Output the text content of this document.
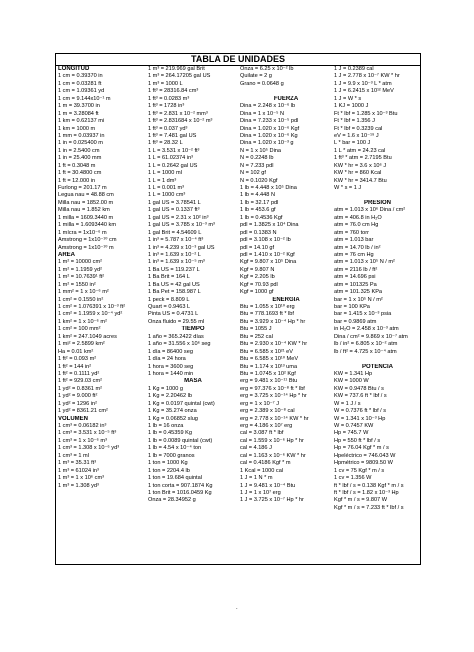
TABLA DE UNIDADES
LONGITUD
1 cm = 0.39370 in
1 cm = 0.03281 ft
1 cm = 1.09361 yd
1 cm = 9.144x10⁻¹ m
1 m = 39.3700 in
1 m = 3.28084 ft
1 km = 0.62137 mi
1 km = 1000 m
1 mm = 0.03937 in
1 in = 0.025400 m
1 in = 2.5400 cm
1 in = 25.400 mm
1 ft = 0.3048 m
1 ft = 30.4800 cm
1 ft = 12.000 in
Furlong = 201.17 m
Legua nau = 48.88 cm
Milla nau = 1852.00 m
Milla nau = 1.852 km
1 milla = 1609.3440 m
1 milla = 1.6093440 km
1 mícra = 1x10⁻⁶ m
Amstrong = 1x10⁻¹⁰ cm
Amstrong = 1x10⁻¹⁰ m
ÁREA
1 m² = 10000 cm²
1 m² = 1.1959 yd²
1 m² = 10.7639¹ ft²
1 m² = 1550 in²
1 mm² = 1 x 10⁻⁶ m²
1 cm² = 0.1550 in²
1 cm² = 1.076391 x 10⁻³ ft²
1 cm² = 1.1959 x 10⁻⁴ yd²
1 km² = 1 x 10⁻⁶ m²
1 cm² = 100 mm²
1 km² = 247.1049 acres
1 mi² = 2.5899 km²
Ha = 0.01 km²
1 ft² = 0.093 m²
1 ft² = 144 in²
1 ft² = 0.1111 yd²
1 ft² = 929.03 cm²
1 yd² = 0.8361 m²
1 yd² = 9.000 ft²
1 yd² = 1296 in²
1 yd² = 8361.21 cm²
VOLUMEN
1 cm³ = 0.06182 in³
1 cm³ = 3.531 x 10⁻⁵ ft³
1 cm³ = 1 x 10⁻⁶ m³
1 cm³ = 1.308 x 10⁻⁶ yd³
1 cm³ = 1 ml
1 m³ = 35.31 ft³
1 m³ = 61024 in³
1 m³ = 1 x 10⁶ cm³
1 m³ = 1.308 yd³
1 m³ = 219.969 gal Brit
1 m³ = 264.17205 gal US
1 m³ = 1000 L
1 ft³ = 28316.84 cm³
1 ft³ = 0.0283 m³
1 ft³ = 1728 in³
1 ft³ = 2.831 x 10⁻² mm³
1 ft³ = 2.831684 x 10⁻² m³
1 ft³ = 0.037 yd³
1 ft³ = 7.481 gal US
1 ft³ = 28.32 L
1 L = 3.531 x 10⁻² ft³
1 L = 61.02374 in³
1 L = 0.2642 gal US
1 L = 1000 ml
1 L = 1 dm³
1 L = 0.001 m³
1 L = 1000 cm³
1 gal US = 3.78541 L
1 gal US = 0.1337 ft³
1 gal US = 2.31 x 10² in³
1 gal US = 3.785 x 10⁻³ m³
1 gal Brit = 4.54609 L
1 in³ = 5.787 x 10⁻⁴ ft³
1 in³ = 4.239 x 10⁻³ gal US
1 in³ = 1.639 x 10⁻² L
1 in³ = 1.639 x 10⁻⁵ m³
1 Ba US = 119.237 L
1 Ba Brit = 164 L
1 Ba US = 42 gal US
1 Ba Pet = 158.987 L
1 peck = 8.809 L
Quart = 0.9463 L
Pinta US = 0.4731 L
Onza fluido = 29.55 ml
TIEMPO
1 año = 365.2422 días
1 año = 31.556 x 10⁶ seg
1 día = 86400 seg
1 día = 24 hora
1 hora = 3600 seg
1 hora = 1440 min
MASA
1 Kg = 1000 g
1 Kg = 2.20462 lb
1 Kg = 0.0197 quintal (cwt)
1 Kg = 35.274 onza
1 Kg = 0.06852 slug
1 lb = 16 onza
1 lb = 0.45359 Kg
1 lb = 0.0089 quintal (cwt)
1 lb = 4.54 x 10⁻⁴ ton
1 lb = 7000 granos
1 ton = 1000 Kg
1 ton = 2204.4 lb
1 ton = 19.684 quintal
1 ton corta = 907.1874 Kg
1 ton Brit = 1016.0459 Kg
Onza = 28.34952 g
Onza = 6.25 x 10⁻² lb
Quilate = 2 g
Grano = 0.0648 g
FUERZA
Dina = 2.248 x 10⁻⁶ lb
Dina = 1 x 10⁻⁵ N
Dina = 7.233 x 10⁻⁵ pdl
Dina = 1.020 x 10⁻⁶ Kgf
Dina = 1.020 x 10⁻⁶ Kg
Dina = 1.020 x 10⁻³ g
N = 1 x 10⁵ Dina
N = 0.2248 lb
N = 7.233 pdl
N = 102 gf
N = 0.1020 Kgf
1 lb = 4.448 x 10⁵ Dina
1 lb = 4.448 N
1 lb = 32.17 pdl
1 lb = 453.6 gf
1 lb = 0.4536 Kgf
pdl = 1.3825 x 10⁴ Dina
pdl = 0.1383 N
pdl = 3.108 x 10⁻² lb
pdl = 14.10 gf
pdl = 1.410 x 10⁻² Kgf
Kgf = 9.807 x 10⁵ Dina
Kgf = 9.807 N
Kgf = 2.205 lb
Kgf = 70.93 pdl
Kgf = 1000 gf
ENERGÍA
Btu = 1.055 x 10¹⁰ erg
Btu = 778.1693 ft * lbf
Btu = 3.929 x 10⁻⁴ Hp * hr
Btu = 1055 J
Btu = 252 cal
Btu = 2.930 x 10⁻⁴ KW * hr
Btu = 6.585 x 10²¹ eV
Btu = 6.585 x 10¹⁰ MeV
Btu = 1.174 x 10¹³ uma
Btu = 1.0745 x 10² Kgf
erg = 9.481 x 10⁻¹¹ Btu
erg = 97.376 x 10⁻⁸ ft * lbf
erg = 3.725 x 10⁻¹⁴ Hp * hr
erg = 1 x 10⁻⁷ J
erg = 2.389 x 10⁻⁸ cal
erg = 2.778 x 10⁻¹⁴ KW * hr
erg = 4.186 x 10⁷ erg
cal = 3.087 ft * lbf
cal = 1.559 x 10⁻⁶ Hp * hr
cal = 4.186 J
cal = 1.163 x 10⁻⁶ KW * hr
cal = 0.4186 Kgf * m
1 Kcal = 1000 cal
1 J = 1 N * m
1 J = 9.481 x 10⁻⁴ Btu
1 J = 1 x 10⁷ erg
1 J = 3.725 x 10⁻⁷ Hp * hr
1 J = 0.2389 cal
1 J = 2.778 x 10⁻⁷ KW * hr
1 J = 9.9 x 10⁻³ L * atm
1 J = 6.2415 x 10¹² MeV
1 J = W * s
1 KJ = 1000 J
Ft * lbf = 1.285 x 10⁻³ Btu
Ft * lbf = 1.356 J
Ft * lbf = 0.3239 cal
eV = 1.6 x 10⁻¹⁹ J
L * bar = 100 J
1 L * atm = 24.23 cal
1 ft³ * atm = 2.7195 Btu
KW * hr = 3.6 x 10⁶ J
KW * hr = 860 Kcal
KW * hr = 3414.7 Btu
W * s = 1 J
PRESIÓN
atm = 1.013 x 10⁶ Dina / cm²
atm = 406.8 in H₂O
atm = 76.0 cm Hg
atm = 760 torr
atm = 1.013 bar
atm = 14.70 lb / in²
atm = 76 cm Hg
atm = 1.013 x 10⁵ N / m²
atm = 2116 lb / ft²
atm = 14.696 psi
atm = 101325 Pa
atm = 101.325 KPa
bar = 1 x 10⁵ N / m²
bar = 100 KPa
bar = 1.415 x 10⁻³ psia
bar = 0.9869 atm
in H₂O = 2.458 x 10⁻³ atm
Dina / cm² = 9.869 x 10⁻⁷ atm
lb / in² = 6.805 x 10⁻² atm
lb / ft² = 4.725 x 10⁻⁴ atm
POTENCIA
KW = 1.341 Hp
KW = 1000 W
KW = 0.9478 Btu / s
KW = 737.6 ft * lbf / s
W = 1 J / s
W = 0.7376 ft * lbf / s
W = 1.341 x 10⁻³ Hp
W = 0.7457 KW
Hp = 745.7 W
Hp = 550 ft * lbf / s
Hp = 76.04 Kgf * m / s
Hpeléctrico = 746.043 W
Hpmétrico = 9809.50 W
1 cv = 75 Kgf * m / s
1 cv = 1.356 W
ft * lbf / s = 0.138 Kgf * m / s
ft * lbf / s = 1.82 x 10⁻³ Hp
Kgf * m / s = 9.807 W
Kgf * m / s = 7.233 ft * lbf / s
.
